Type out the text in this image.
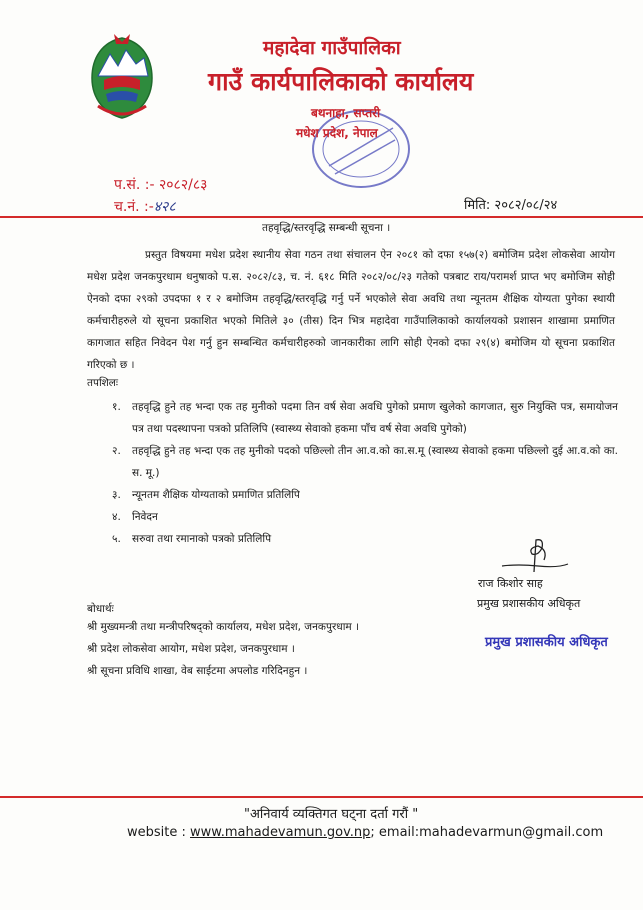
महादेवा गाउँपालिका
गाउँ कार्यपालिकाको कार्यालय
बथनाहा, सप्तरी
मधेश प्रदेश, नेपाल
प.सं. :- २०८२/८३
च.नं. :-४२८	मिति: २०८२/०८/२४
तहवृद्धि/स्तरवृद्धि सम्बन्धी सूचना ।
प्रस्तुत विषयमा मधेश प्रदेश स्थानीय सेवा गठन तथा संचालन ऐन २०८१ को दफा १५७(२) बमोजिम प्रदेश लोकसेवा आयोग मधेश प्रदेश जनकपुरधाम धनुषाको प.स. २०८२/८३, च. नं. ६१८ मिति २०८२/०८/२३ गतेको पत्रबाट राय/परामर्श प्राप्त भए बमोजिम सोही ऐनको दफा २९को उपदफा १ र २ बमोजिम तहवृद्धि/स्तरवृद्धि गर्नु पर्ने भएकोले सेवा अवधि तथा न्यूनतम शैक्षिक योग्यता पुगेका स्थायी कर्मचारीहरुले यो सूचना प्रकाशित भएको मितिले ३० (तीस) दिन भित्र महादेवा गाउँपालिकाको कार्यालयको प्रशासन शाखामा प्रमाणित कागजात सहित निवेदन पेश गर्नु हुन सम्बन्धित कर्मचारीहरुको जानकारीका लागि सोही ऐनको दफा २९(४) बमोजिम यो सूचना प्रकाशित गरिएको छ ।
तपशिलः
१. तहवृद्धि हुने तह भन्दा एक तह मुनीको पदमा तिन वर्ष सेवा अवधि पुगेको प्रमाण खुलेको कागजात, सुरु नियुक्ति पत्र, समायोजन पत्र तथा पदस्थापना पत्रको प्रतिलिपि (स्वास्थ्य सेवाको हकमा पाँच वर्ष सेवा अवधि पुगेको)
२. तहवृद्धि हुने तह भन्दा एक तह मुनीको पदको पछिल्लो तीन आ.व.को का.स.मू (स्वास्थ्य सेवाको हकमा पछिल्लो दुई आ.व.को का. स. मू.)
३. न्यूनतम शैक्षिक योग्यताको प्रमाणित प्रतिलिपि
४. निवेदन
५. सरुवा तथा रमानाको पत्रको प्रतिलिपि
राज किशोर साह
प्रमुख प्रशासकीय अधिकृत
बोधार्थः
श्री मुख्यमन्त्री तथा मन्त्रीपरिषद्को कार्यालय, मधेश प्रदेश, जनकपुरधाम ।
श्री प्रदेश लोकसेवा आयोग, मधेश प्रदेश, जनकपुरधाम ।
श्री सूचना प्रविधि शाखा, वेब साईटमा अपलोड गरिदिनहुन ।
प्रमुख प्रशासकीय अधिकृत
"अनिवार्य व्यक्तिगत घट्ना दर्ता गरौं "
website : www.mahadevamun.gov.np; email:mahadevarmun@gmail.com
